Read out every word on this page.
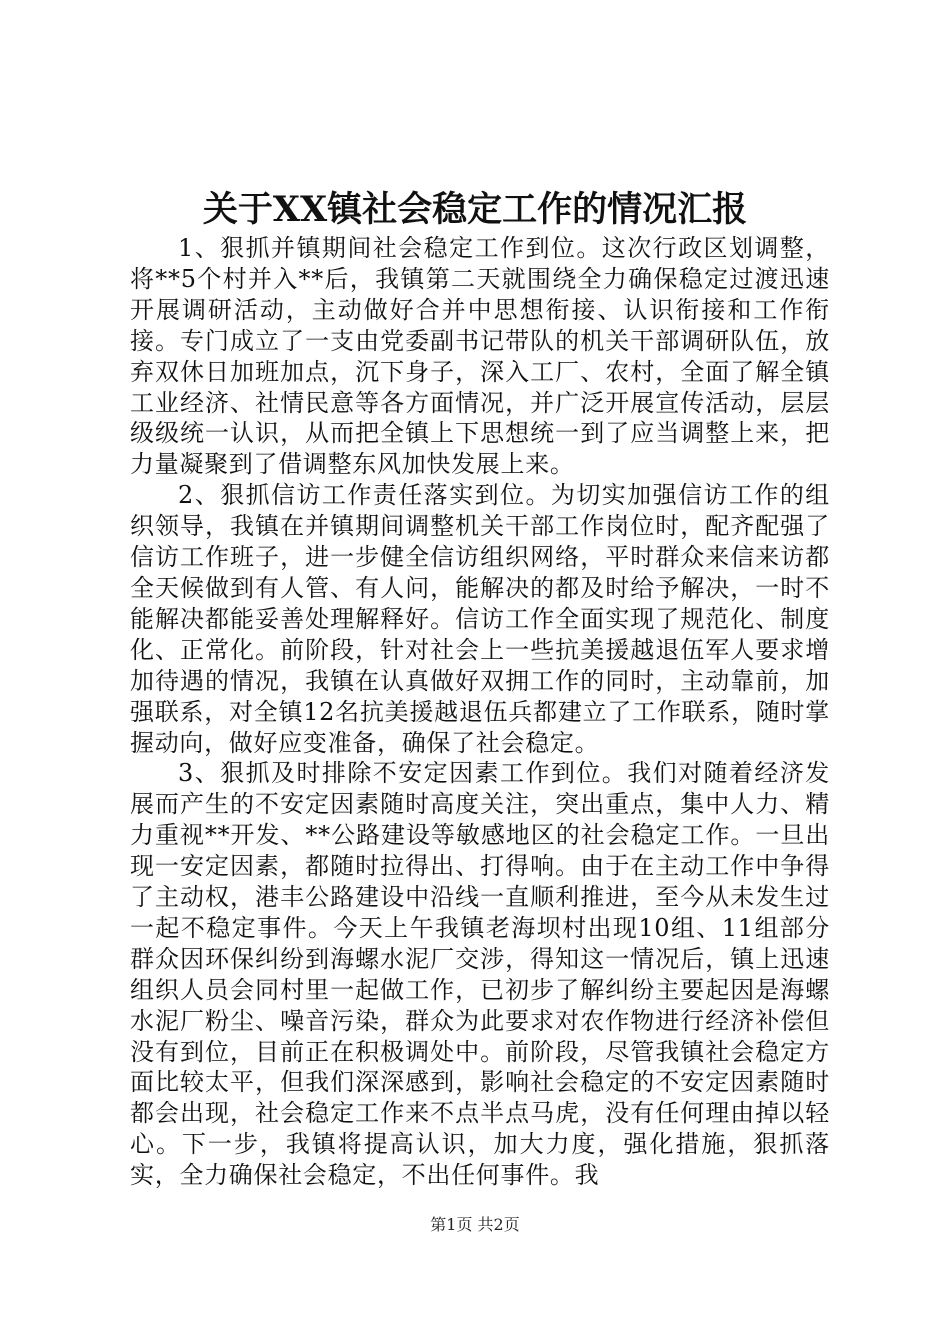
关于XX镇社会稳定工作的情况汇报

1、狠抓并镇期间社会稳定工作到位。这次行政区划调整，将**5个村并入**后，我镇第二天就围绕全力确保稳定过渡迅速开展调研活动，主动做好合并中思想衔接、认识衔接和工作衔接。专门成立了一支由党委副书记带队的机关干部调研队伍，放弃双休日加班加点，沉下身子，深入工厂、农村，全面了解全镇工业经济、社情民意等各方面情况，并广泛开展宣传活动，层层级级统一认识，从而把全镇上下思想统一到了应当调整上来，把力量凝聚到了借调整东风加快发展上来。

2、狠抓信访工作责任落实到位。为切实加强信访工作的组织领导，我镇在并镇期间调整机关干部工作岗位时，配齐配强了信访工作班子，进一步健全信访组织网络，平时群众来信来访都全天候做到有人管、有人问，能解决的都及时给予解决，一时不能解决都能妥善处理解释好。信访工作全面实现了规范化、制度化、正常化。前阶段，针对社会上一些抗美援越退伍军人要求增加待遇的情况，我镇在认真做好双拥工作的同时，主动靠前，加强联系，对全镇12名抗美援越退伍兵都建立了工作联系，随时掌握动向，做好应变准备，确保了社会稳定。

3、狠抓及时排除不安定因素工作到位。我们对随着经济发展而产生的不安定因素随时高度关注，突出重点，集中人力、精力重视**开发、**公路建设等敏感地区的社会稳定工作。一旦出现一安定因素，都随时拉得出、打得响。由于在主动工作中争得了主动权，港丰公路建设中沿线一直顺利推进，至今从未发生过一起不稳定事件。今天上午我镇老海坝村出现10组、11组部分群众因环保纠纷到海螺水泥厂交涉，得知这一情况后，镇上迅速组织人员会同村里一起做工作，已初步了解纠纷主要起因是海螺水泥厂粉尘、噪音污染，群众为此要求对农作物进行经济补偿但没有到位，目前正在积极调处中。前阶段，尽管我镇社会稳定方面比较太平，但我们深深感到，影响社会稳定的不安定因素随时都会出现，社会稳定工作来不点半点马虎，没有任何理由掉以轻心。下一步，我镇将提高认识，加大力度，强化措施，狠抓落实，全力确保社会稳定，不出任何事件。我

第1页 共2页
